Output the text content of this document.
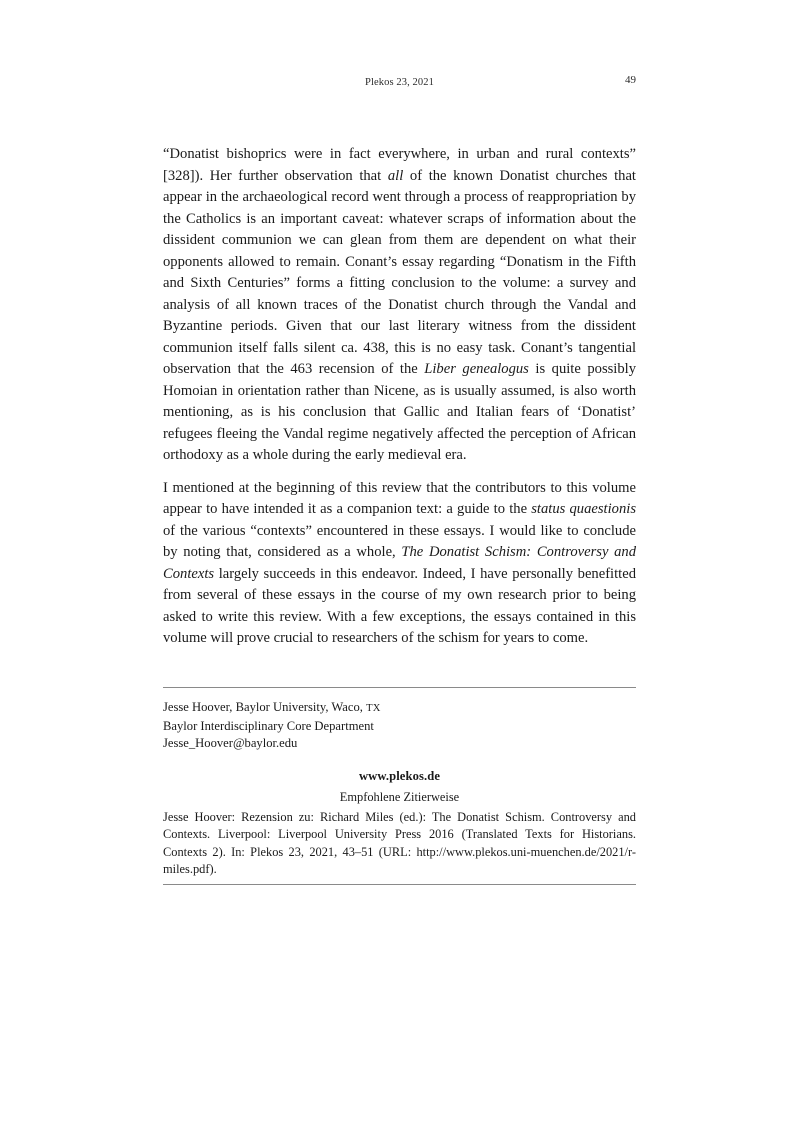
Plekos 23, 2021	49

“Donatist bishoprics were in fact everywhere, in urban and rural contexts” [328]). Her further observation that all of the known Donatist churches that appear in the archaeological record went through a process of reappropriation by the Catholics is an important caveat: whatever scraps of information about the dissident communion we can glean from them are dependent on what their opponents allowed to remain. Conant’s essay regarding “Donatism in the Fifth and Sixth Centuries” forms a fitting conclusion to the volume: a survey and analysis of all known traces of the Donatist church through the Vandal and Byzantine periods. Given that our last literary witness from the dissident communion itself falls silent ca. 438, this is no easy task. Conant’s tangential observation that the 463 recension of the Liber genealogus is quite possibly Homoian in orientation rather than Nicene, as is usually assumed, is also worth mentioning, as is his conclusion that Gallic and Italian fears of ‘Donatist’ refugees fleeing the Vandal regime negatively affected the perception of African orthodoxy as a whole during the early medieval era.

I mentioned at the beginning of this review that the contributors to this volume appear to have intended it as a companion text: a guide to the status quaestionis of the various “contexts” encountered in these essays. I would like to conclude by noting that, considered as a whole, The Donatist Schism: Controversy and Contexts largely succeeds in this endeavor. Indeed, I have personally benefitted from several of these essays in the course of my own research prior to being asked to write this review. With a few exceptions, the essays contained in this volume will prove crucial to researchers of the schism for years to come.

Jesse Hoover, Baylor University, Waco, TX
Baylor Interdisciplinary Core Department
Jesse_Hoover@baylor.edu
www.plekos.de
Empfohlene Zitierweise
Jesse Hoover: Rezension zu: Richard Miles (ed.): The Donatist Schism. Controversy and Contexts. Liverpool: Liverpool University Press 2016 (Translated Texts for Historians. Contexts 2). In: Plekos 23, 2021, 43–51 (URL: http://www.plekos.uni-muenchen.de/2021/r-miles.pdf).
